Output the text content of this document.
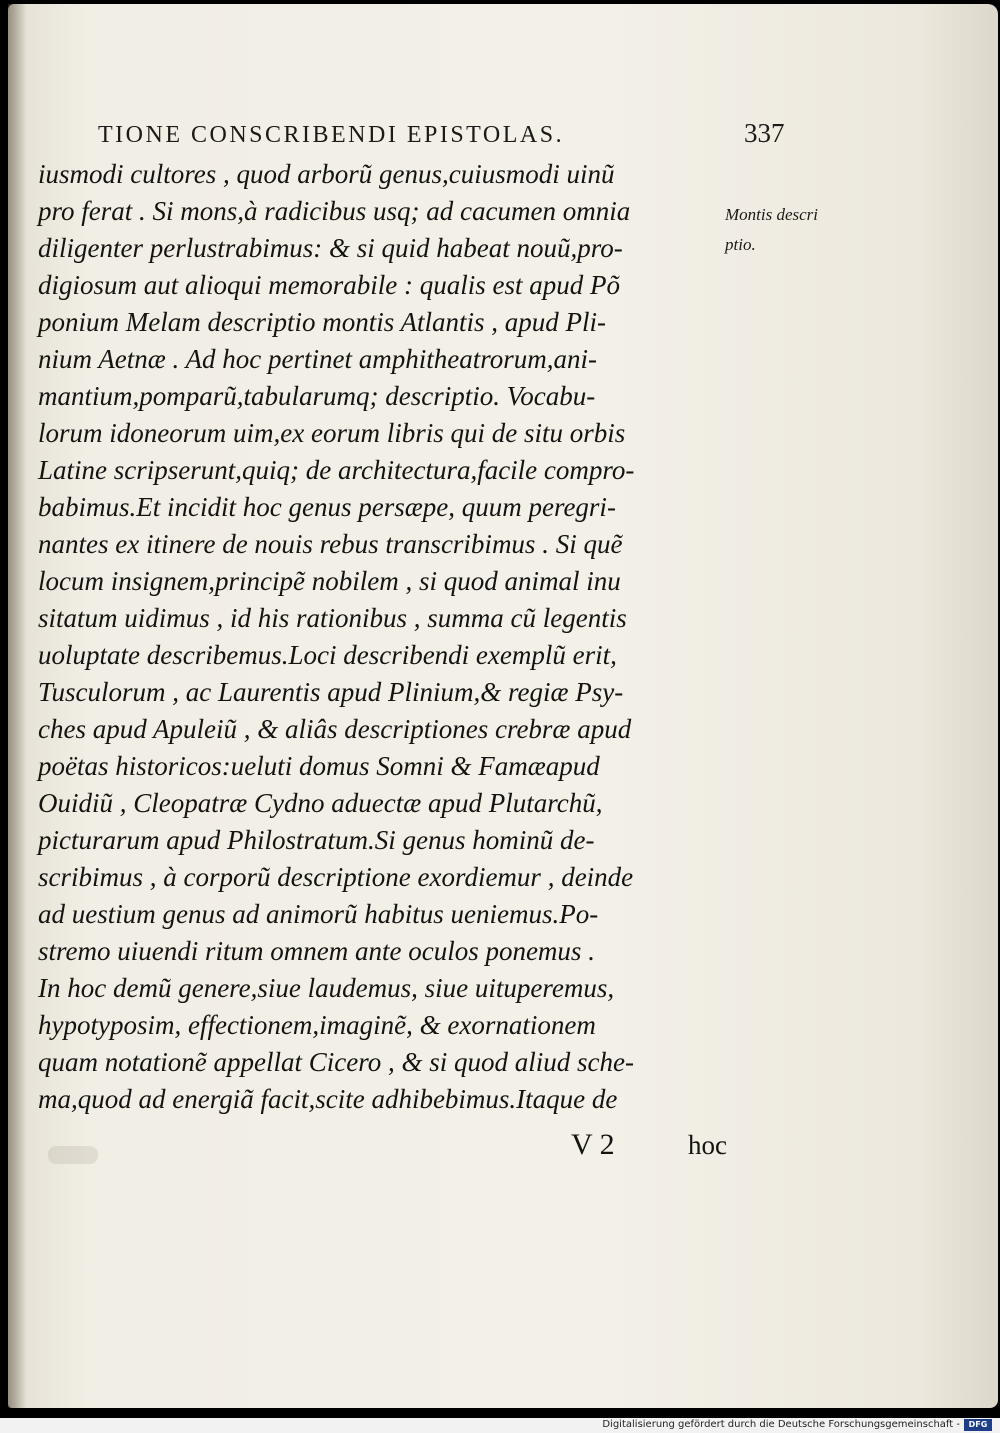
TIONE CONSCRIBENDI EPISTOLAS.	337
iusmodi cultores , quod arborũ genus,cuiusmodi uinũ
pro ferat . Si mons,à radicibus usq; ad cacumen omnia
diligenter perlustrabimus: & si quid habeat nouũ,pro-
digiosum aut alioqui memorabile : qualis est apud Põ
ponium Melam descriptio montis Atlantis , apud Pli-
nium Aetnæ . Ad hoc pertinet amphitheatrorum,ani-
mantium,pomparũ,tabularumq; descriptio. Vocabu-
lorum idoneorum uim,ex eorum libris qui de situ orbis
Latine scripserunt,quiq; de architectura,facile compro-
babimus.Et incidit hoc genus persæpe, quum peregri-
nantes ex itinere de nouis rebus transcribimus . Si quẽ
locum insignem,principẽ nobilem , si quod animal inu
sitatum uidimus , id his rationibus , summa cũ legentis
uoluptate describemus.Loci describendi exemplũ erit,
Tusculorum , ac Laurentis apud Plinium,& regiæ Psy-
ches apud Apuleiũ , & aliâs descriptiones crebræ apud
poëtas historicos:ueluti domus Somni & Famæapud
Ouidiũ , Cleopatræ Cydno aduectæ apud Plutarchũ,
picturarum apud Philostratum.Si genus hominũ de-
scribimus , à corporũ descriptione exordiemur , deinde
ad uestium genus ad animorũ habitus ueniemus.Po-
stremo uiuendi ritum omnem ante oculos ponemus .
In hoc demũ genere,siue laudemus, siue uituperemus,
hypotyposim, effectionem,imaginẽ, & exornationem
quam notationẽ appellat Cicero , & si quod aliud sche-
ma,quod ad energiã facit,scite adhibebimus.Itaque de
Montis descri
ptio.
V 2	hoc
Digitalisierung gefördert durch die Deutsche Forschungsgemeinschaft -	DFG
